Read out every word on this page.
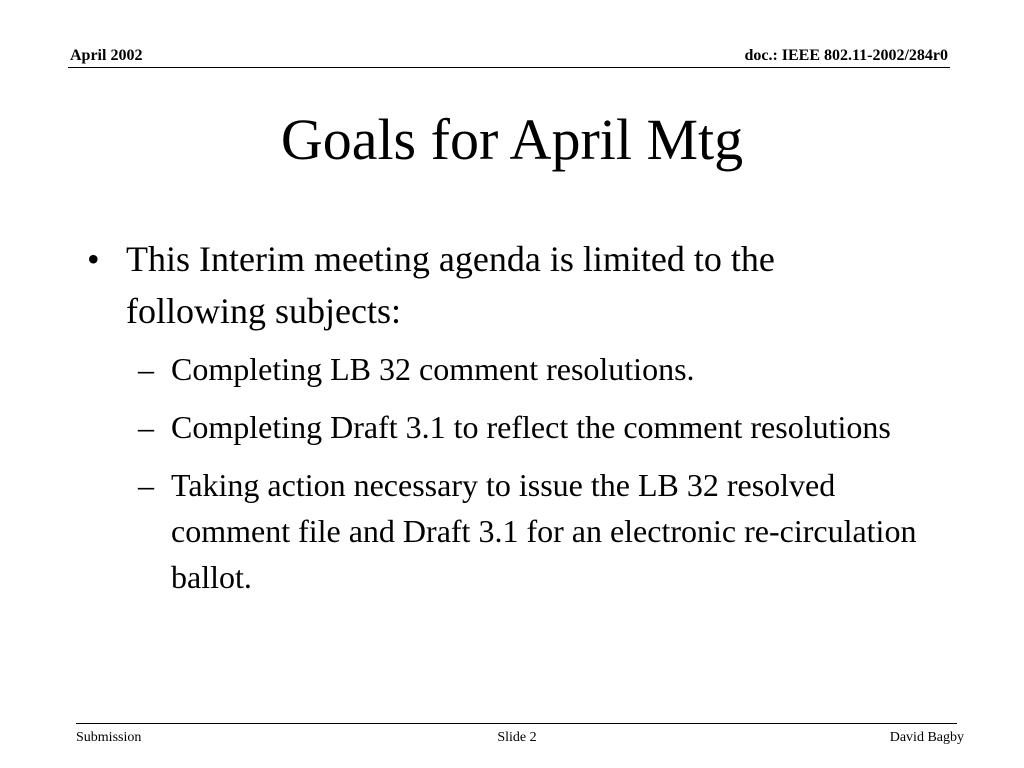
April 2002	doc.: IEEE 802.11-2002/284r0
Goals for April Mtg
• This Interim meeting agenda is limited to the following subjects:
– Completing LB 32 comment resolutions.
– Completing Draft 3.1 to reflect the comment resolutions
– Taking action necessary to issue the LB 32 resolved comment file and Draft 3.1 for an electronic re-circulation ballot.
Submission	Slide 2	David Bagby
